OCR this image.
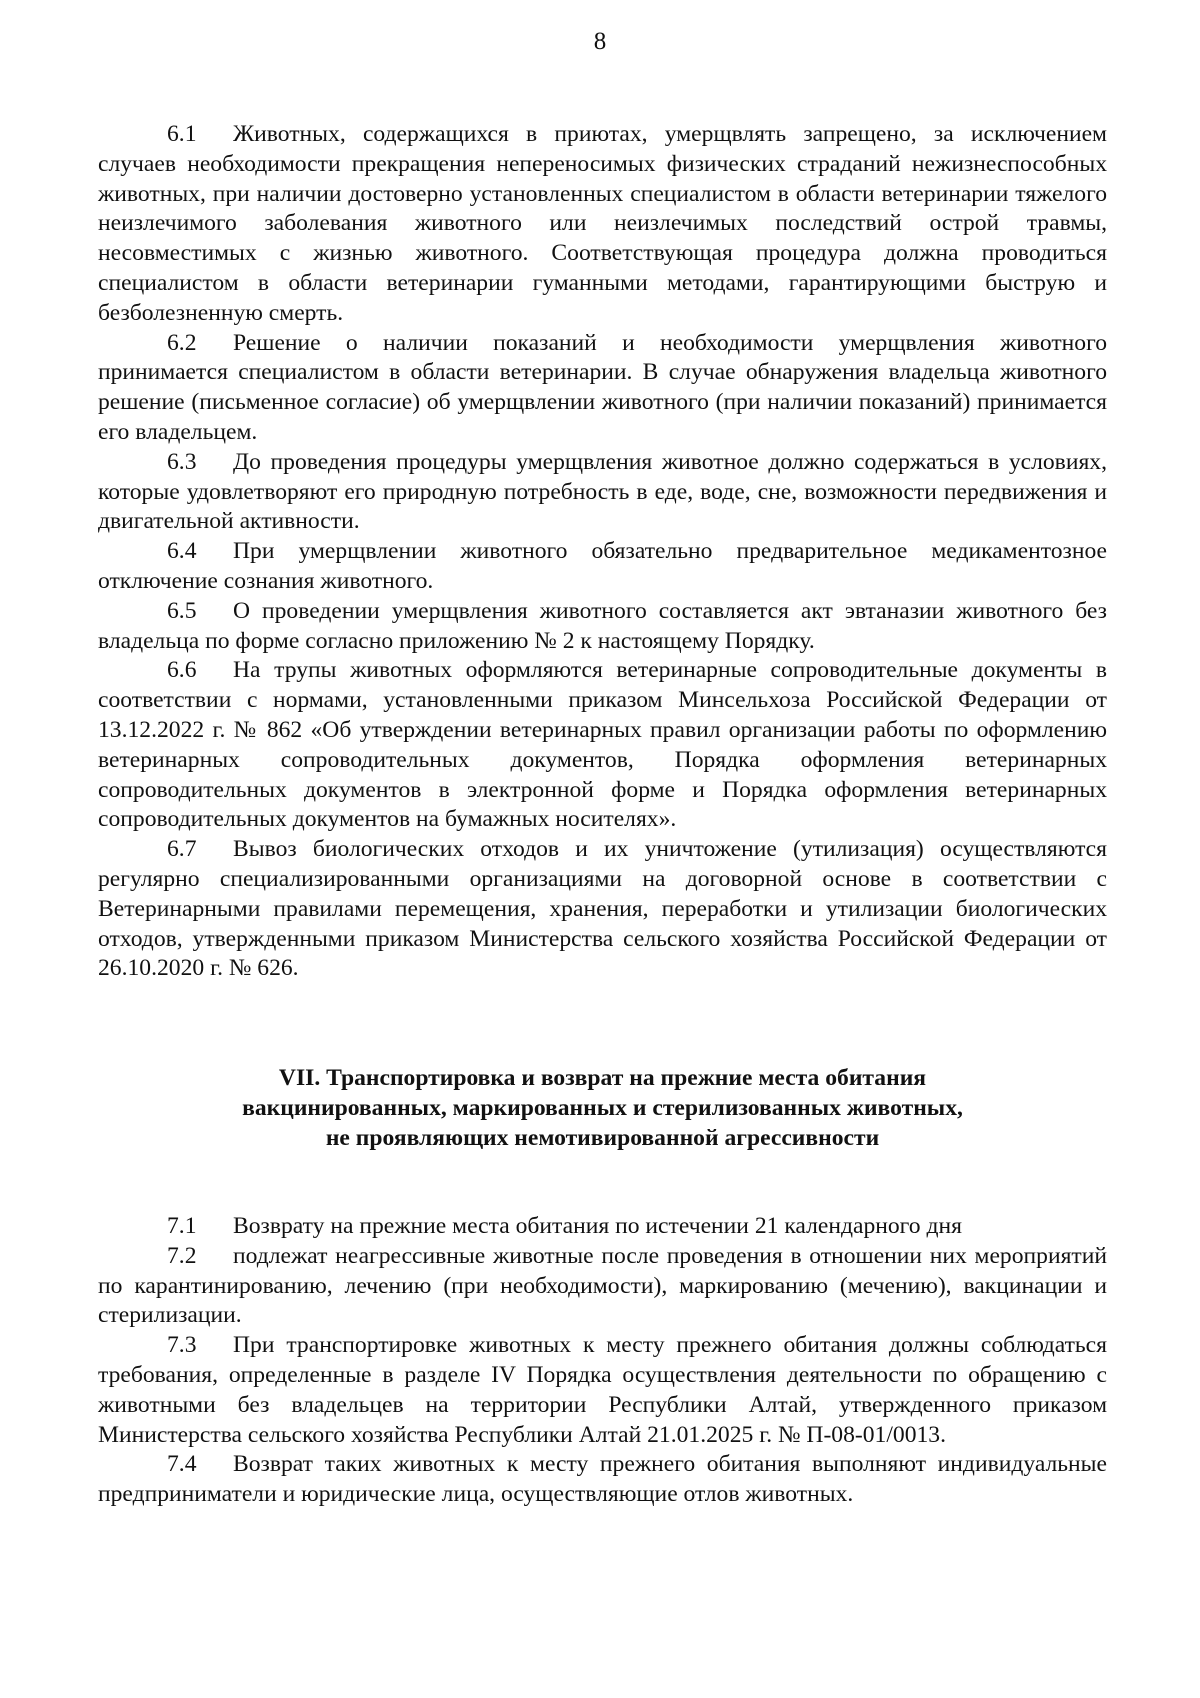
8

6.1 Животных, содержащихся в приютах, умерщвлять запрещено, за исключением случаев необходимости прекращения непереносимых физических страданий нежизнеспособных животных, при наличии достоверно установленных специалистом в области ветеринарии тяжелого неизлечимого заболевания животного или неизлечимых последствий острой травмы, несовместимых с жизнью животного. Соответствующая процедура должна проводиться специалистом в области ветеринарии гуманными методами, гарантирующими быструю и безболезненную смерть.

6.2 Решение о наличии показаний и необходимости умерщвления животного принимается специалистом в области ветеринарии. В случае обнаружения владельца животного решение (письменное согласие) об умерщвлении животного (при наличии показаний) принимается его владельцем.

6.3 До проведения процедуры умерщвления животное должно содержаться в условиях, которые удовлетворяют его природную потребность в еде, воде, сне, возможности передвижения и двигательной активности.

6.4 При умерщвлении животного обязательно предварительное медикаментозное отключение сознания животного.

6.5 О проведении умерщвления животного составляется акт эвтаназии животного без владельца по форме согласно приложению № 2 к настоящему Порядку.

6.6 На трупы животных оформляются ветеринарные сопроводительные документы в соответствии с нормами, установленными приказом Минсельхоза Российской Федерации от 13.12.2022 г. № 862 «Об утверждении ветеринарных правил организации работы по оформлению ветеринарных сопроводительных документов, Порядка оформления ветеринарных сопроводительных документов в электронной форме и Порядка оформления ветеринарных сопроводительных документов на бумажных носителях».

6.7 Вывоз биологических отходов и их уничтожение (утилизация) осуществляются регулярно специализированными организациями на договорной основе в соответствии с Ветеринарными правилами перемещения, хранения, переработки и утилизации биологических отходов, утвержденными приказом Министерства сельского хозяйства Российской Федерации от 26.10.2020 г. № 626.

VII. Транспортировка и возврат на прежние места обитания
вакцинированных, маркированных и стерилизованных животных,
не проявляющих немотивированной агрессивности

7.1 Возврату на прежние места обитания по истечении 21 календарного дня

7.2 подлежат неагрессивные животные после проведения в отношении них мероприятий по карантинированию, лечению (при необходимости), маркированию (мечению), вакцинации и стерилизации.

7.3 При транспортировке животных к месту прежнего обитания должны соблюдаться требования, определенные в разделе IV Порядка осуществления деятельности по обращению с животными без владельцев на территории Республики Алтай, утвержденного приказом Министерства сельского хозяйства Республики Алтай 21.01.2025 г. № П-08-01/0013.

7.4 Возврат таких животных к месту прежнего обитания выполняют индивидуальные предприниматели и юридические лица, осуществляющие отлов животных.
